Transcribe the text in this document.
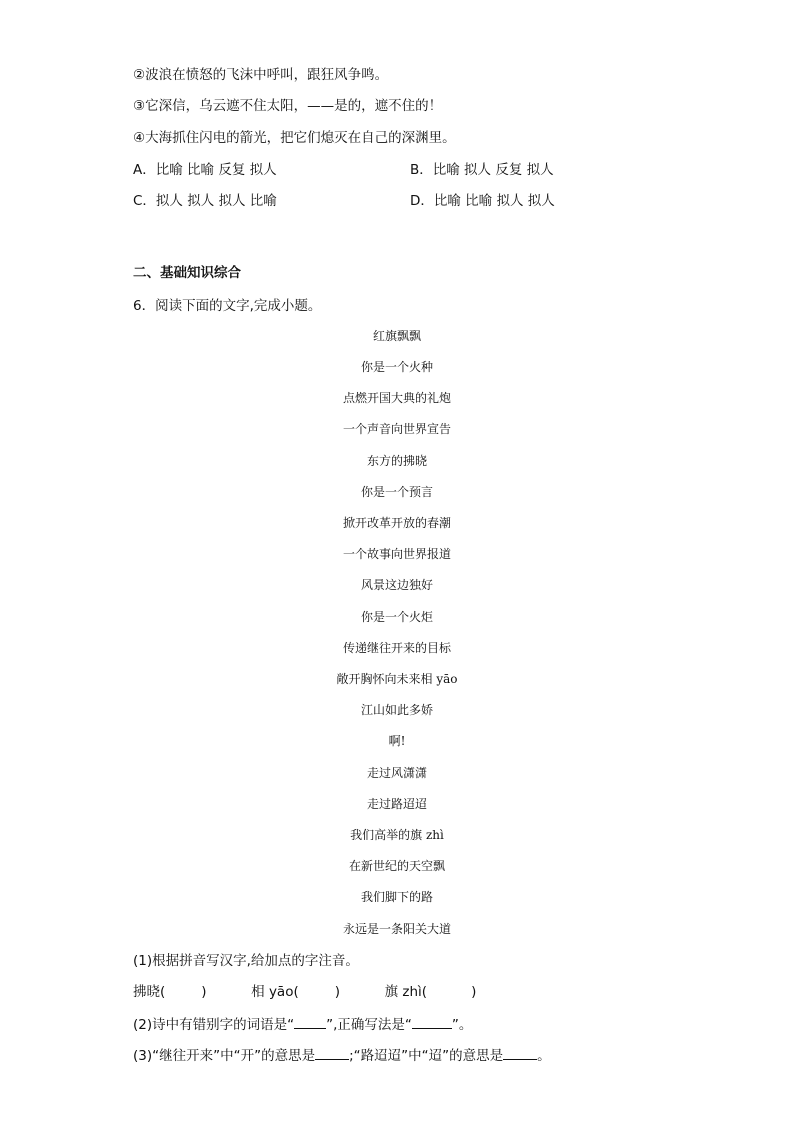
②波浪在愤怒的飞沫中呼叫，跟狂风争鸣。
③它深信，乌云遮不住太阳，——是的，遮不住的！
④大海抓住闪电的箭光，把它们熄灭在自己的深渊里。
A．比喻 比喻 反复 拟人	B．比喻 拟人 反复 拟人
C．拟人 拟人 拟人 比喻	D．比喻 比喻 拟人 拟人
二、基础知识综合
6．阅读下面的文字,完成小题。
红旗飘飘
你是一个火种
点燃开国大典的礼炮
一个声音向世界宣告
东方的拂晓
你是一个预言
掀开改革开放的春潮
一个故事向世界报道
风景这边独好
你是一个火炬
传递继往开来的目标
敞开胸怀向未来相 yāo
江山如此多娇
啊!
走过风潇潇
走过路迢迢
我们高举的旗 zhì
在新世纪的天空飘
我们脚下的路
永远是一条阳关大道
(1)根据拼音写汉字,给加点的字注音。
拂晓(	)	相 yāo(	)	旗 zhì(	)
(2)诗中有错别字的词语是“ ”,正确写法是“	”。
(3)“继往开来”中“开”的意思是	;“路迢迢”中“迢”的意思是	。
